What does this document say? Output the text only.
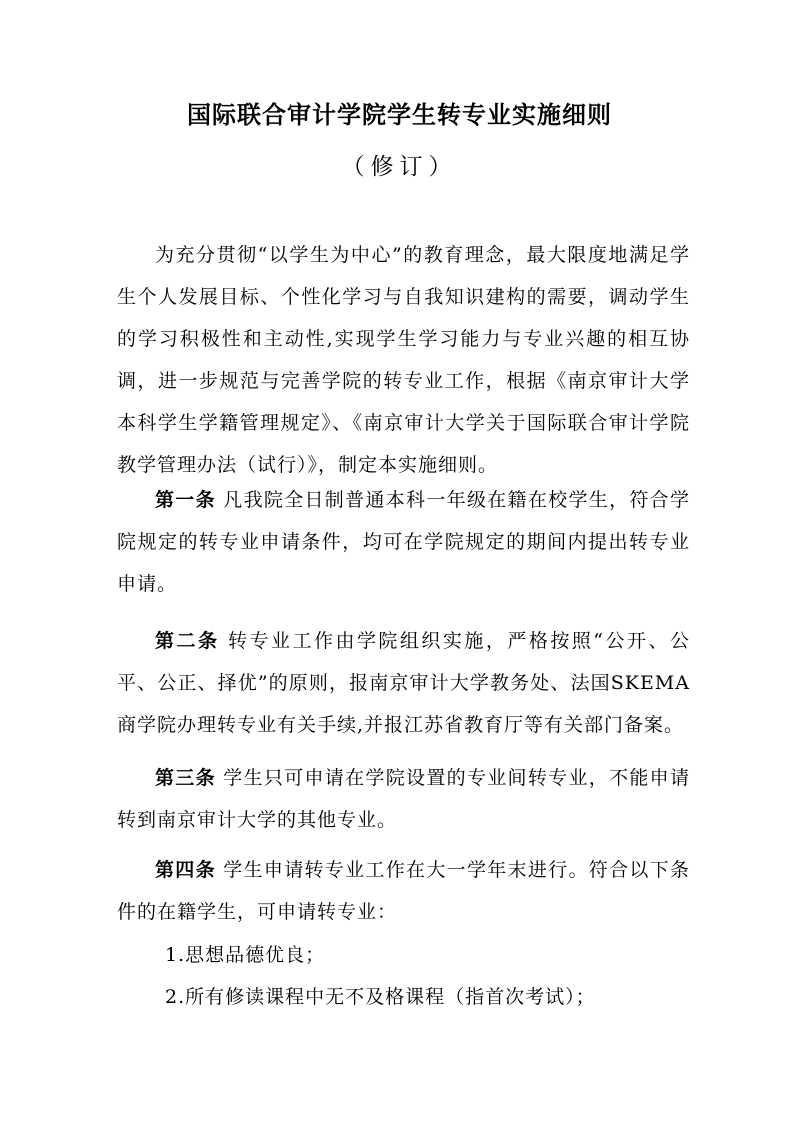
国际联合审计学院学生转专业实施细则
（修订）

为充分贯彻“以学生为中心”的教育理念，最大限度地满足学生个人发展目标、个性化学习与自我知识建构的需要，调动学生的学习积极性和主动性,实现学生学习能力与专业兴趣的相互协调，进一步规范与完善学院的转专业工作，根据《南京审计大学本科学生学籍管理规定》、《南京审计大学关于国际联合审计学院教学管理办法（试行）》，制定本实施细则。

第一条 凡我院全日制普通本科一年级在籍在校学生，符合学院规定的转专业申请条件，均可在学院规定的期间内提出转专业申请。

第二条 转专业工作由学院组织实施，严格按照“公开、公平、公正、择优”的原则，报南京审计大学教务处、法国SKEMA商学院办理转专业有关手续,并报江苏省教育厅等有关部门备案。

第三条 学生只可申请在学院设置的专业间转专业，不能申请转到南京审计大学的其他专业。

第四条 学生申请转专业工作在大一学年末进行。符合以下条件的在籍学生，可申请转专业：

1.思想品德优良；

2.所有修读课程中无不及格课程（指首次考试）；
